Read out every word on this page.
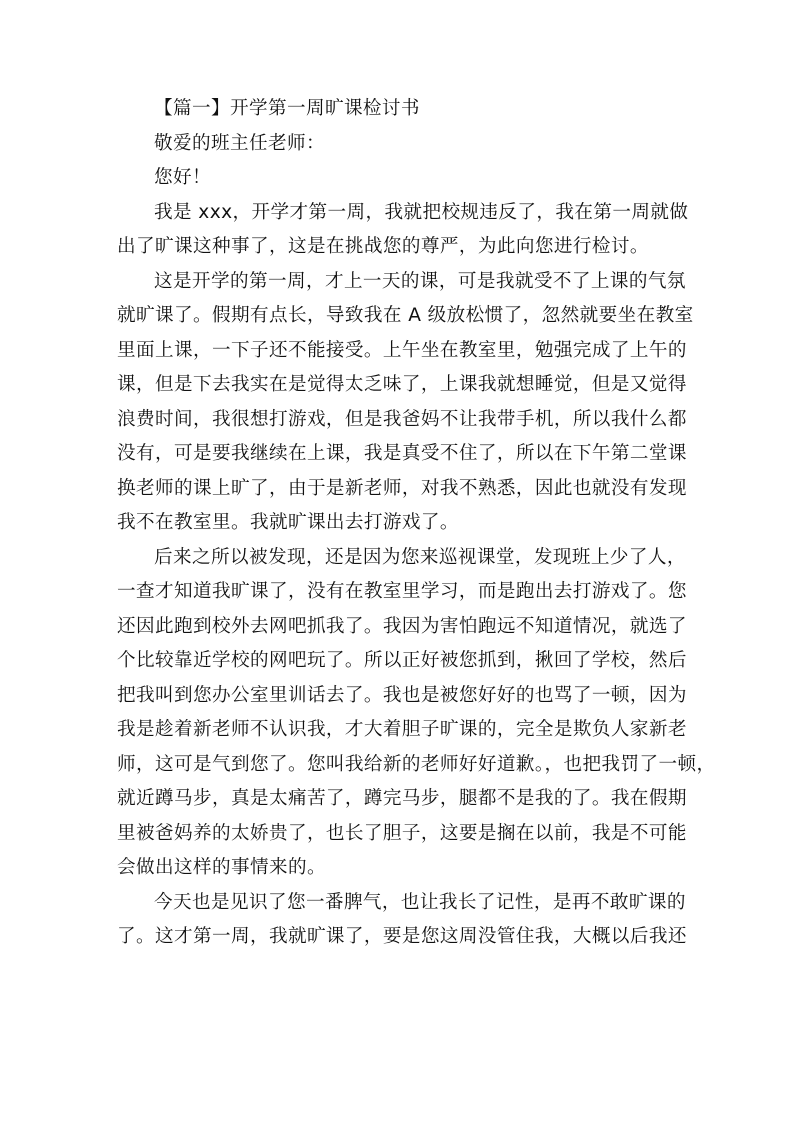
【篇一】开学第一周旷课检讨书
敬爱的班主任老师：
您好！
我是 xxx，开学才第一周，我就把校规违反了，我在第一周就做
出了旷课这种事了，这是在挑战您的尊严，为此向您进行检讨。
这是开学的第一周，才上一天的课，可是我就受不了上课的气氛
就旷课了。假期有点长，导致我在 A 级放松惯了，忽然就要坐在教室
里面上课，一下子还不能接受。上午坐在教室里，勉强完成了上午的
课，但是下去我实在是觉得太乏味了，上课我就想睡觉，但是又觉得
浪费时间，我很想打游戏，但是我爸妈不让我带手机，所以我什么都
没有，可是要我继续在上课，我是真受不住了，所以在下午第二堂课
换老师的课上旷了，由于是新老师，对我不熟悉，因此也就没有发现
我不在教室里。我就旷课出去打游戏了。
后来之所以被发现，还是因为您来巡视课堂，发现班上少了人，
一查才知道我旷课了，没有在教室里学习，而是跑出去打游戏了。您
还因此跑到校外去网吧抓我了。我因为害怕跑远不知道情况，就选了
个比较靠近学校的网吧玩了。所以正好被您抓到，揪回了学校，然后
把我叫到您办公室里训话去了。我也是被您好好的也骂了一顿，因为
我是趁着新老师不认识我，才大着胆子旷课的，完全是欺负人家新老
师，这可是气到您了。您叫我给新的老师好好道歉。，也把我罚了一顿，
就近蹲马步，真是太痛苦了，蹲完马步，腿都不是我的了。我在假期
里被爸妈养的太娇贵了，也长了胆子，这要是搁在以前，我是不可能
会做出这样的事情来的。
今天也是见识了您一番脾气，也让我长了记性，是再不敢旷课的
了。这才第一周，我就旷课了，要是您这周没管住我，大概以后我还
